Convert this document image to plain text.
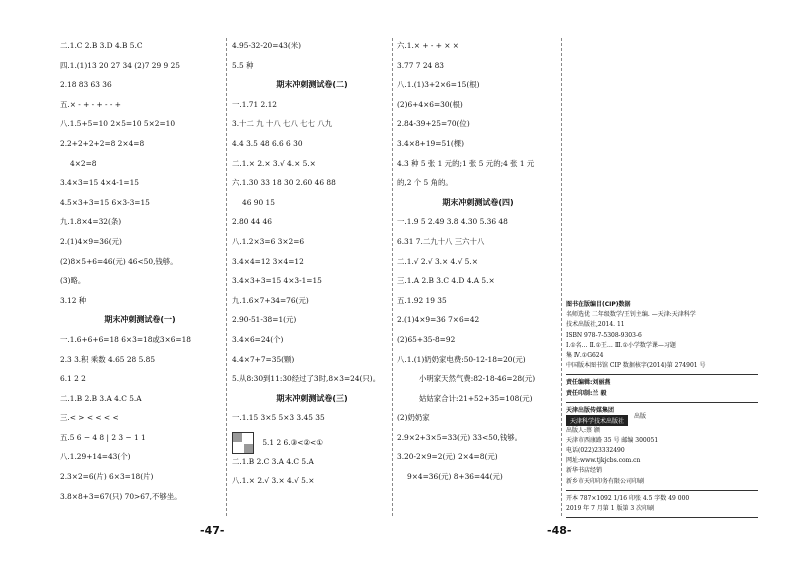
二.1.C 2.B 3.D 4.B 5.C
四.1.(1)13 20 27 34 (2)7 29 9 25
2.18 83 63 36
五.× - + - + - - +
八.1.5+5=10 2×5=10 5×2=10
2.2+2+2+2=8 2×4=8
4×2=8
3.4×3=15 4×4-1=15
4.5×3+3=15 6×3-3=15
九.1.8×4=32(条)
2.(1)4×9=36(元)
(2)8×5+6=46(元) 46<50,钱够。
(3)略。
3.12 种
期末冲刺测试卷(一)
一.1.6+6+6=18 6×3=18或3×6=18
2.3 3.积 乘数 4.65 28 5.85
6.1 2 2
二.1.B 2.B 3.A 4.C 5.A
三.< > < < < <
五.5 6 − 4 8 | 2 3 − 1 1
八.1.29+14=43(个)
2.3×2=6(片) 6×3=18(片)
3.8×8+3=67(只) 70>67,不够坐。
4.95-32-20=43(米)
5.5 种
期末冲刺测试卷(二)
一.1.71 2.12
3.十二 九 十八 七八 七七 八九
4.4 3.5 48 6.6 6 30
二.1.× 2.× 3.√ 4.× 5.×
六.1.30 33 18 30 2.60 46 88
46 90 15
2.80 44 46
八.1.2×3=6 3×2=6
3.4×4=12 3×4=12
3.4×3+3=15 4×3-1=15
九.1.6×7+34=76(元)
2.90-51-38=1(元)
3.4×6=24(个)
4.4×7+7=35(颗)
5.从8:30到11:30经过了3时,8×3=24(只)。
期末冲刺测试卷(三)
一.1.15 3×5 5×3 3.45 35
5.1 2 6.③<②<①
二.1.B 2.C 3.A 4.C 5.A
八.1.× 2.√ 3.× 4.√ 5.×
六.1.× + - + × ×
3.77 7 24 83
八.1.(1)3+2×6=15(根)
(2)6+4×6=30(根)
2.84-39+25=70(位)
3.4×8+19=51(棵)
4.3 种 5 张 1 元的;1 张 5 元的;4 张 1 元
的,2 个 5 角的。
期末冲刺测试卷(四)
一.1.9 5 2.49 3.8 4.30 5.36 48
6.31 7.二九十八 三六十八
二.1.√ 2.√ 3.× 4.√ 5.×
三.1.A 2.B 3.C 4.D 4.A 5.×
五.1.92 19 35
2.(1)4×9=36 7×6=42
(2)65+35-8=92
八.1.(1)奶奶家电费:50-12-18=20(元)
小明家天然气费:82-18-46=28(元)
姑姑家合计:21+52+35=108(元)
(2)奶奶家
2.9×2+3×5=33(元) 33<50,钱够。
3.20-2×9=2(元) 2×4=8(元)
9×4=36(元) 8+36=44(元)
图书在版编目(CIP)数据
名师选优 二年级数学/王钊主编. —天津:天津科学
技术出版社,2014. 11
ISBN 978-7-5308-9303-6
Ⅰ.①名… Ⅱ.①王… Ⅲ.①小学数学课—习题
集 Ⅳ.①G624
中国版本图书馆 CIP 数据核字(2014)第 274901 号
责任编辑:刘丽燕
责任印制:兰 毅
天津出版传媒集团
天津科学技术出版社
出版
出版人:蔡 颢
天津市西康路 35 号 邮编 300051
电话(022)23332490
网址:www.tjkjcbs.com.cn
新华书店经销
新乡市天印印务有限公司印刷
开本 787×1092 1/16 印张 4.5 字数 49 000
2019 年 7 月第 1 版第 3 次印刷
-47-	-48-
